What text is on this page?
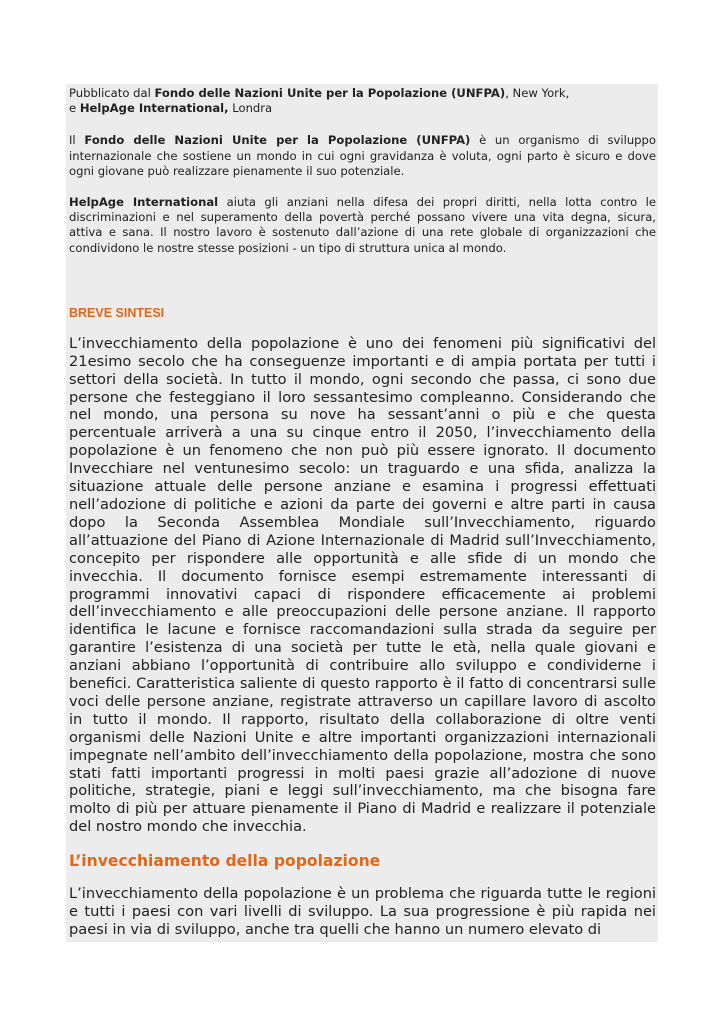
Pubblicato dal Fondo delle Nazioni Unite per la Popolazione (UNFPA), New York,
e HelpAge International, Londra

Il Fondo delle Nazioni Unite per la Popolazione (UNFPA) è un organismo di sviluppo internazionale che sostiene un mondo in cui ogni gravidanza è voluta, ogni parto è sicuro e dove ogni giovane può realizzare pienamente il suo potenziale.

HelpAge International aiuta gli anziani nella difesa dei propri diritti, nella lotta contro le discriminazioni e nel superamento della povertà perché possano vivere una vita degna, sicura, attiva e sana. Il nostro lavoro è sostenuto dall’azione di una rete globale di organizzazioni che condividono le nostre stesse posizioni - un tipo di struttura unica al mondo.

BREVE SINTESI

L’invecchiamento della popolazione è uno dei fenomeni più significativi del 21esimo secolo che ha conseguenze importanti e di ampia portata per tutti i settori della società. In tutto il mondo, ogni secondo che passa, ci sono due persone che festeggiano il loro sessantesimo compleanno. Considerando che nel mondo, una persona su nove ha sessant’anni o più e che questa percentuale arriverà a una su cinque entro il 2050, l’invecchiamento della popolazione è un fenomeno che non può più essere ignorato. Il documento Invecchiare nel ventunesimo secolo: un traguardo e una sfida, analizza la situazione attuale delle persone anziane e esamina i progressi effettuati nell’adozione di politiche e azioni da parte dei governi e altre parti in causa dopo la Seconda Assemblea Mondiale sull’Invecchiamento, riguardo all’attuazione del Piano di Azione Internazionale di Madrid sull’Invecchiamento, concepito per rispondere alle opportunità e alle sfide di un mondo che invecchia. Il documento fornisce esempi estremamente interessanti di programmi innovativi capaci di rispondere efficacemente ai problemi dell’invecchiamento e alle preoccupazioni delle persone anziane. Il rapporto identifica le lacune e fornisce raccomandazioni sulla strada da seguire per garantire l’esistenza di una società per tutte le età, nella quale giovani e anziani abbiano l’opportunità di contribuire allo sviluppo e condividerne i benefici. Caratteristica saliente di questo rapporto è il fatto di concentrarsi sulle voci delle persone anziane, registrate attraverso un capillare lavoro di ascolto in tutto il mondo. Il rapporto, risultato della collaborazione di oltre venti organismi delle Nazioni Unite e altre importanti organizzazioni internazionali impegnate nell’ambito dell’invecchiamento della popolazione, mostra che sono stati fatti importanti progressi in molti paesi grazie all’adozione di nuove politiche, strategie, piani e leggi sull’invecchiamento, ma che bisogna fare molto di più per attuare pienamente il Piano di Madrid e realizzare il potenziale del nostro mondo che invecchia.

L’invecchiamento della popolazione

L’invecchiamento della popolazione è un problema che riguarda tutte le regioni e tutti i paesi con vari livelli di sviluppo. La sua progressione è più rapida nei paesi in via di sviluppo, anche tra quelli che hanno un numero elevato di
